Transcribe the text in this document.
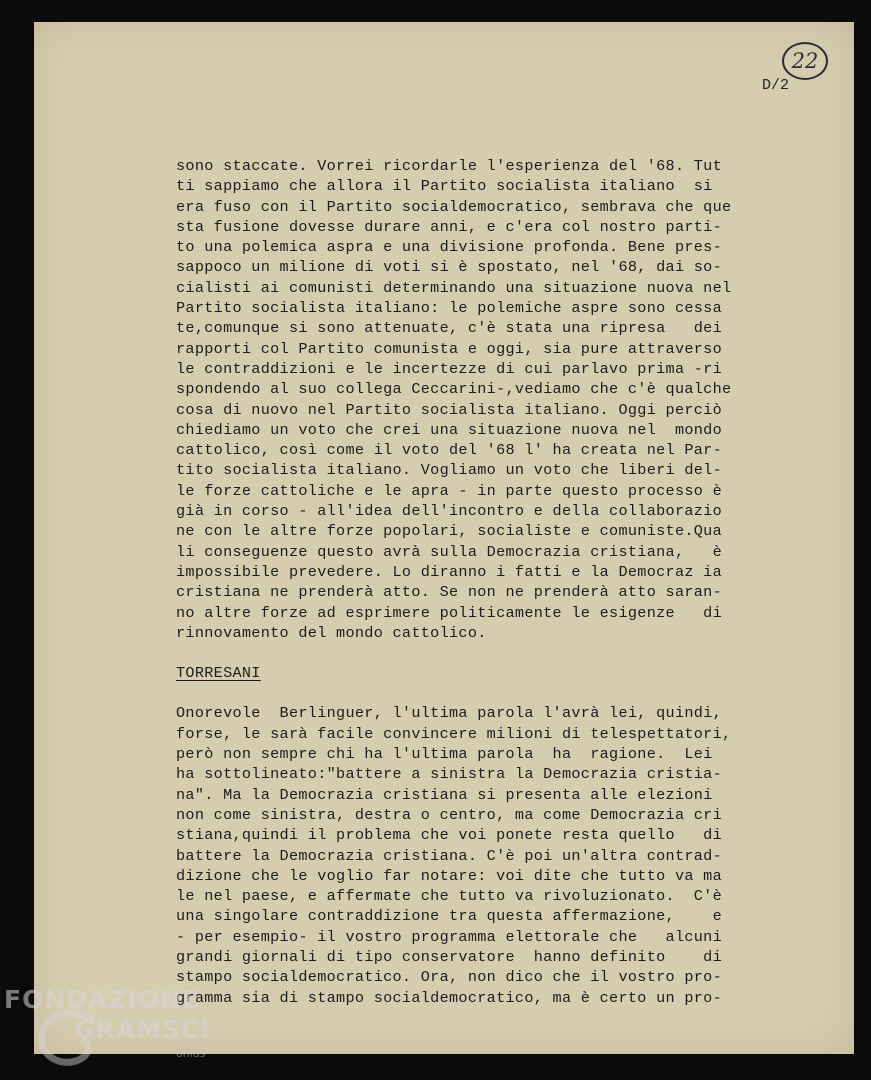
22
D/2
sono staccate. Vorrei ricordarle l'esperienza del '68. Tut
ti sappiamo che allora il Partito socialista italiano  si
era fuso con il Partito socialdemocratico, sembrava che que
sta fusione dovesse durare anni, e c'era col nostro parti-
to una polemica aspra e una divisione profonda. Bene pres-
sappoco un milione di voti si è spostato, nel '68, dai so-
cialisti ai comunisti determinando una situazione nuova nel
Partito socialista italiano: le polemiche aspre sono cessa
te,comunque si sono attenuate, c'è stata una ripresa   dei
rapporti col Partito comunista e oggi, sia pure attraverso
le contraddizioni e le incertezze di cui parlavo prima -ri
spondendo al suo collega Ceccarini-,vediamo che c'è qualche
cosa di nuovo nel Partito socialista italiano. Oggi perciò
chiediamo un voto che crei una situazione nuova nel  mondo
cattolico, così come il voto del '68 l' ha creata nel Par-
tito socialista italiano. Vogliamo un voto che liberi del-
le forze cattoliche e le apra - in parte questo processo è
già in corso - all'idea dell'incontro e della collaborazio
ne con le altre forze popolari, socialiste e comuniste.Qua
li conseguenze questo avrà sulla Democrazia cristiana,   è
impossibile prevedere. Lo diranno i fatti e la Democraz ia
cristiana ne prenderà atto. Se non ne prenderà atto saran-
no altre forze ad esprimere politicamente le esigenze   di
rinnovamento del mondo cattolico.
TORRESANI
Onorevole  Berlinguer, l'ultima parola l'avrà lei, quindi,
forse, le sarà facile convincere milioni di telespettatori,
però non sempre chi ha l'ultima parola  ha  ragione.  Lei
ha sottolineato:"battere a sinistra la Democrazia cristia-
na". Ma la Democrazia cristiana si presenta alle elezioni
non come sinistra, destra o centro, ma come Democrazia cri
stiana,quindi il problema che voi ponete resta quello   di
battere la Democrazia cristiana. C'è poi un'altra contrad-
dizione che le voglio far notare: voi dite che tutto va ma
le nel paese, e affermate che tutto va rivoluzionato.  C'è
una singolare contraddizione tra questa affermazione,    e
- per esempio- il vostro programma elettorale che   alcuni
grandi giornali di tipo conservatore  hanno definito    di
stampo socialdemocratico. Ora, non dico che il vostro pro-
gramma sia di stampo socialdemocratico, ma è certo un pro-
FONDAZIONE
GRAMSCI
onlus
